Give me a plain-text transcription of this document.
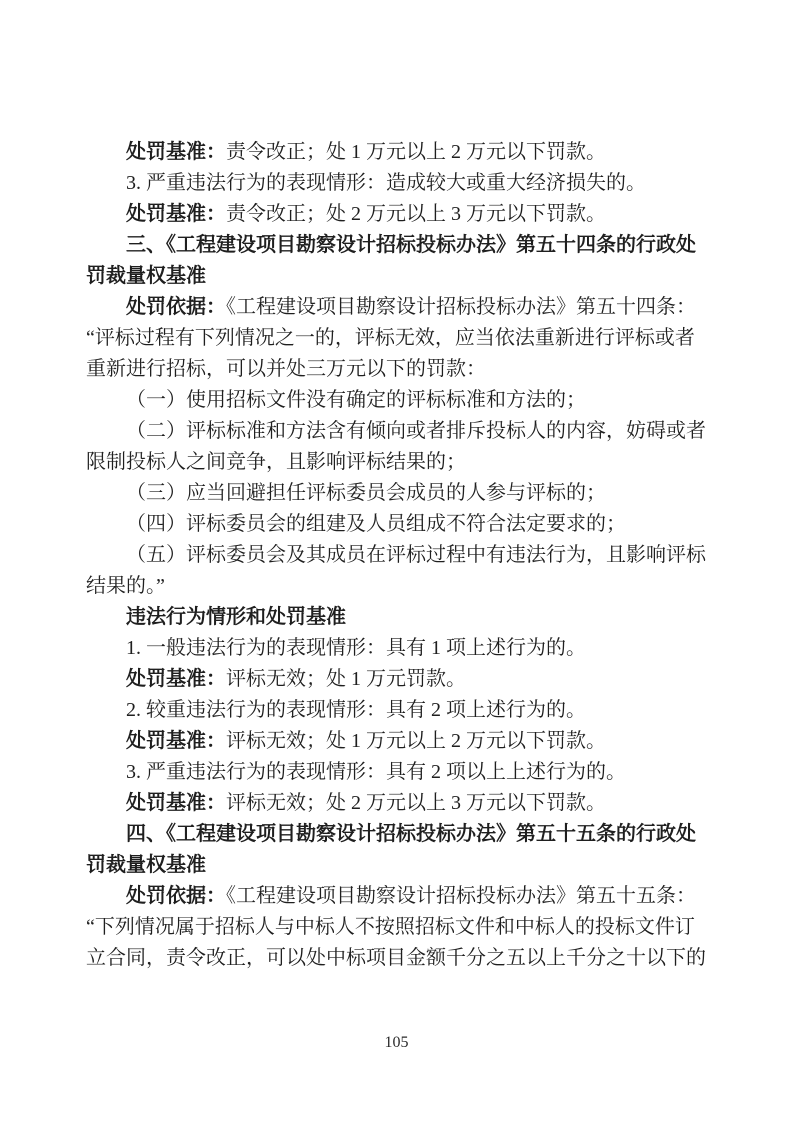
处罚基准：责令改正；处 1 万元以上 2 万元以下罚款。
3. 严重违法行为的表现情形：造成较大或重大经济损失的。
处罚基准：责令改正；处 2 万元以上 3 万元以下罚款。
三、《工程建设项目勘察设计招标投标办法》第五十四条的行政处
罚裁量权基准
处罚依据：《工程建设项目勘察设计招标投标办法》第五十四条：
“评标过程有下列情况之一的，评标无效，应当依法重新进行评标或者
重新进行招标，可以并处三万元以下的罚款：
（一）使用招标文件没有确定的评标标准和方法的；
（二）评标标准和方法含有倾向或者排斥投标人的内容，妨碍或者
限制投标人之间竞争，且影响评标结果的；
（三）应当回避担任评标委员会成员的人参与评标的；
（四）评标委员会的组建及人员组成不符合法定要求的；
（五）评标委员会及其成员在评标过程中有违法行为，且影响评标
结果的。”
违法行为情形和处罚基准
1. 一般违法行为的表现情形：具有 1 项上述行为的。
处罚基准：评标无效；处 1 万元罚款。
2. 较重违法行为的表现情形：具有 2 项上述行为的。
处罚基准：评标无效；处 1 万元以上 2 万元以下罚款。
3. 严重违法行为的表现情形：具有 2 项以上上述行为的。
处罚基准：评标无效；处 2 万元以上 3 万元以下罚款。
四、《工程建设项目勘察设计招标投标办法》第五十五条的行政处
罚裁量权基准
处罚依据：《工程建设项目勘察设计招标投标办法》第五十五条：
“下列情况属于招标人与中标人不按照招标文件和中标人的投标文件订
立合同，责令改正，可以处中标项目金额千分之五以上千分之十以下的
105
